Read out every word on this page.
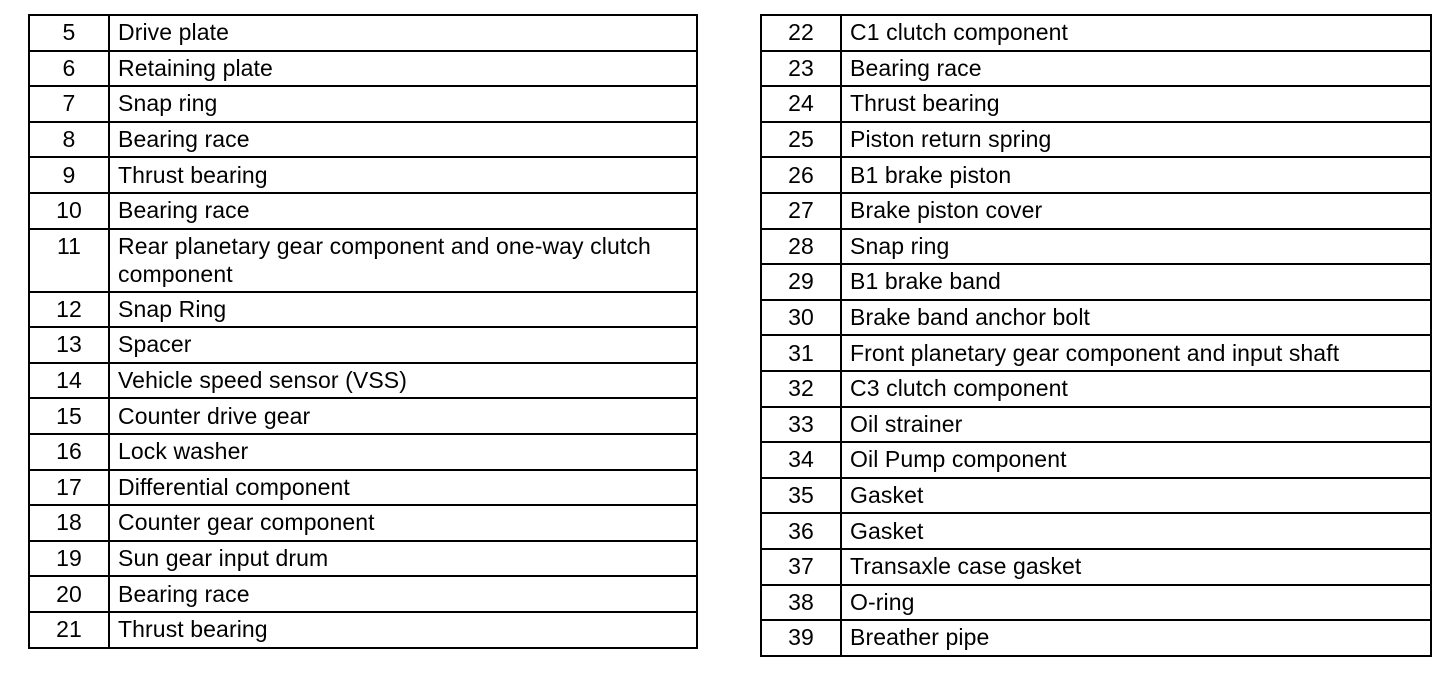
5	Drive plate
6	Retaining plate
7	Snap ring
8	Bearing race
9	Thrust bearing
10	Bearing race
11	Rear planetary gear component and one-way clutch component
12	Snap Ring
13	Spacer
14	Vehicle speed sensor (VSS)
15	Counter drive gear
16	Lock washer
17	Differential component
18	Counter gear component
19	Sun gear input drum
20	Bearing race
21	Thrust bearing
22	C1 clutch component
23	Bearing race
24	Thrust bearing
25	Piston return spring
26	B1 brake piston
27	Brake piston cover
28	Snap ring
29	B1 brake band
30	Brake band anchor bolt
31	Front planetary gear component and input shaft
32	C3 clutch component
33	Oil strainer
34	Oil Pump component
35	Gasket
36	Gasket
37	Transaxle case gasket
38	O-ring
39	Breather pipe
